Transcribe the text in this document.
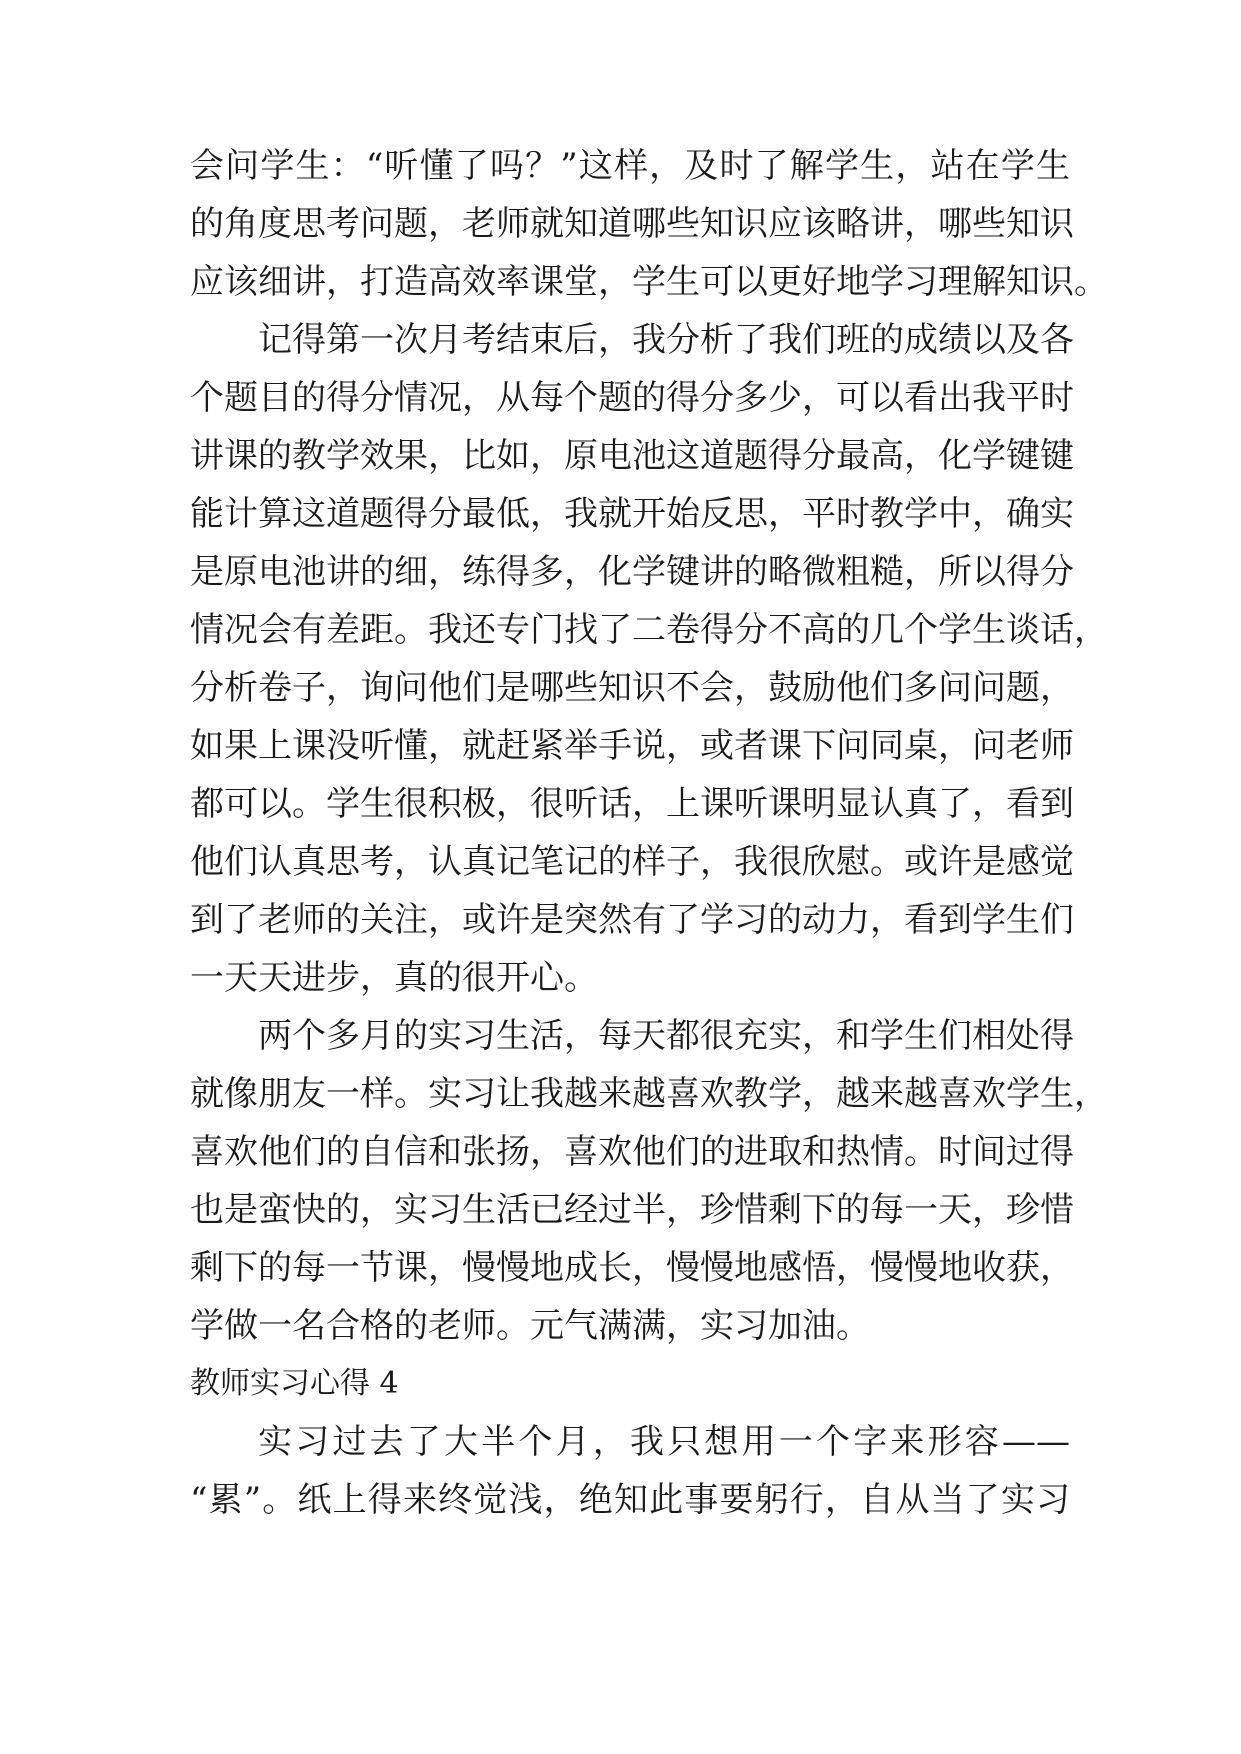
会问学生：“听懂了吗？”这样，及时了解学生，站在学生
的角度思考问题，老师就知道哪些知识应该略讲，哪些知识
应该细讲，打造高效率课堂，学生可以更好地学习理解知识。
记得第一次月考结束后，我分析了我们班的成绩以及各
个题目的得分情况，从每个题的得分多少，可以看出我平时
讲课的教学效果，比如，原电池这道题得分最高，化学键键
能计算这道题得分最低，我就开始反思，平时教学中，确实
是原电池讲的细，练得多，化学键讲的略微粗糙，所以得分
情况会有差距。我还专门找了二卷得分不高的几个学生谈话，
分析卷子，询问他们是哪些知识不会，鼓励他们多问问题，
如果上课没听懂，就赶紧举手说，或者课下问同桌，问老师
都可以。学生很积极，很听话，上课听课明显认真了，看到
他们认真思考，认真记笔记的样子，我很欣慰。或许是感觉
到了老师的关注，或许是突然有了学习的动力，看到学生们
一天天进步，真的很开心。
两个多月的实习生活，每天都很充实，和学生们相处得
就像朋友一样。实习让我越来越喜欢教学，越来越喜欢学生，
喜欢他们的自信和张扬，喜欢他们的进取和热情。时间过得
也是蛮快的，实习生活已经过半，珍惜剩下的每一天，珍惜
剩下的每一节课，慢慢地成长，慢慢地感悟，慢慢地收获，
学做一名合格的老师。元气满满，实习加油。
教师实习心得 4
实习过去了大半个月，我只想用一个字来形容——
“累”。纸上得来终觉浅，绝知此事要躬行，自从当了实习
